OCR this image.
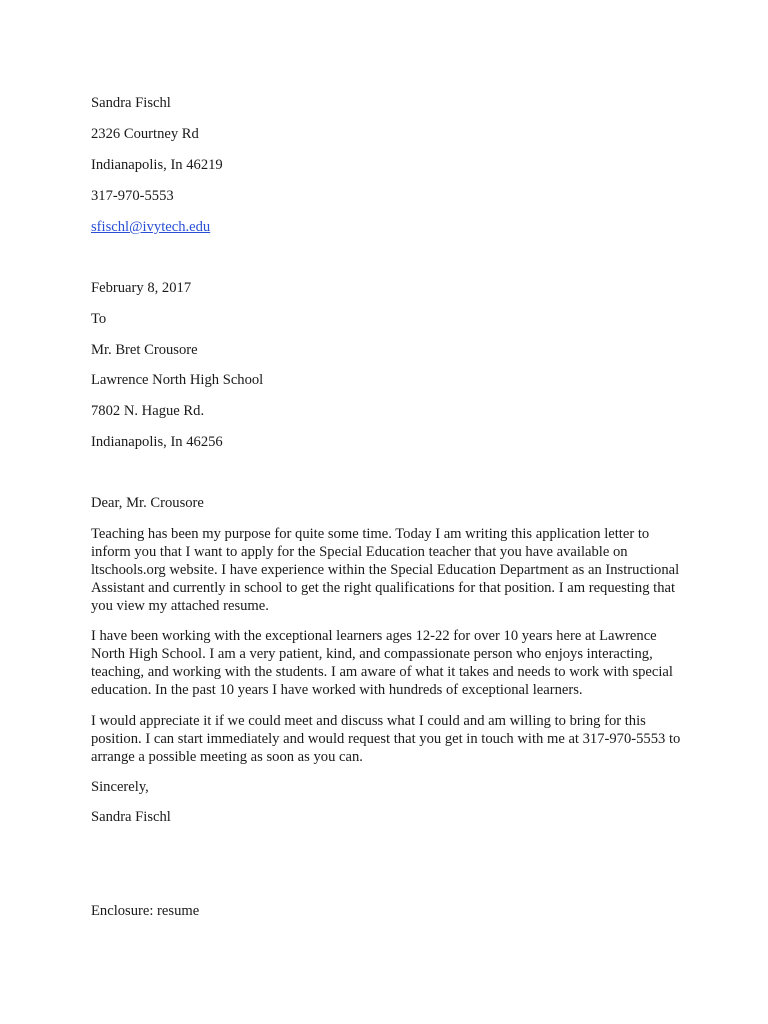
Sandra Fischl
2326 Courtney Rd
Indianapolis, In 46219
317-970-5553
sfischl@ivytech.edu
February 8, 2017
To
Mr. Bret Crousore
Lawrence North High School
7802 N. Hague Rd.
Indianapolis, In 46256
Dear, Mr. Crousore
Teaching has been my purpose for quite some time. Today I am writing this application letter to inform you that I want to apply for the Special Education teacher that you have available on ltschools.org website. I have experience within the Special Education Department as an Instructional Assistant and currently in school to get the right qualifications for that position. I am requesting that you view my attached resume.
I have been working with the exceptional learners ages 12-22 for over 10 years here at Lawrence North High School. I am a very patient, kind, and compassionate person who enjoys interacting, teaching, and working with the students. I am aware of what it takes and needs to work with special education. In the past 10 years I have worked with hundreds of exceptional learners.
I would appreciate it if we could meet and discuss what I could and am willing to bring for this position. I can start immediately and would request that you get in touch with me at 317-970-5553 to arrange a possible meeting as soon as you can.
Sincerely,
Sandra Fischl
Enclosure: resume
